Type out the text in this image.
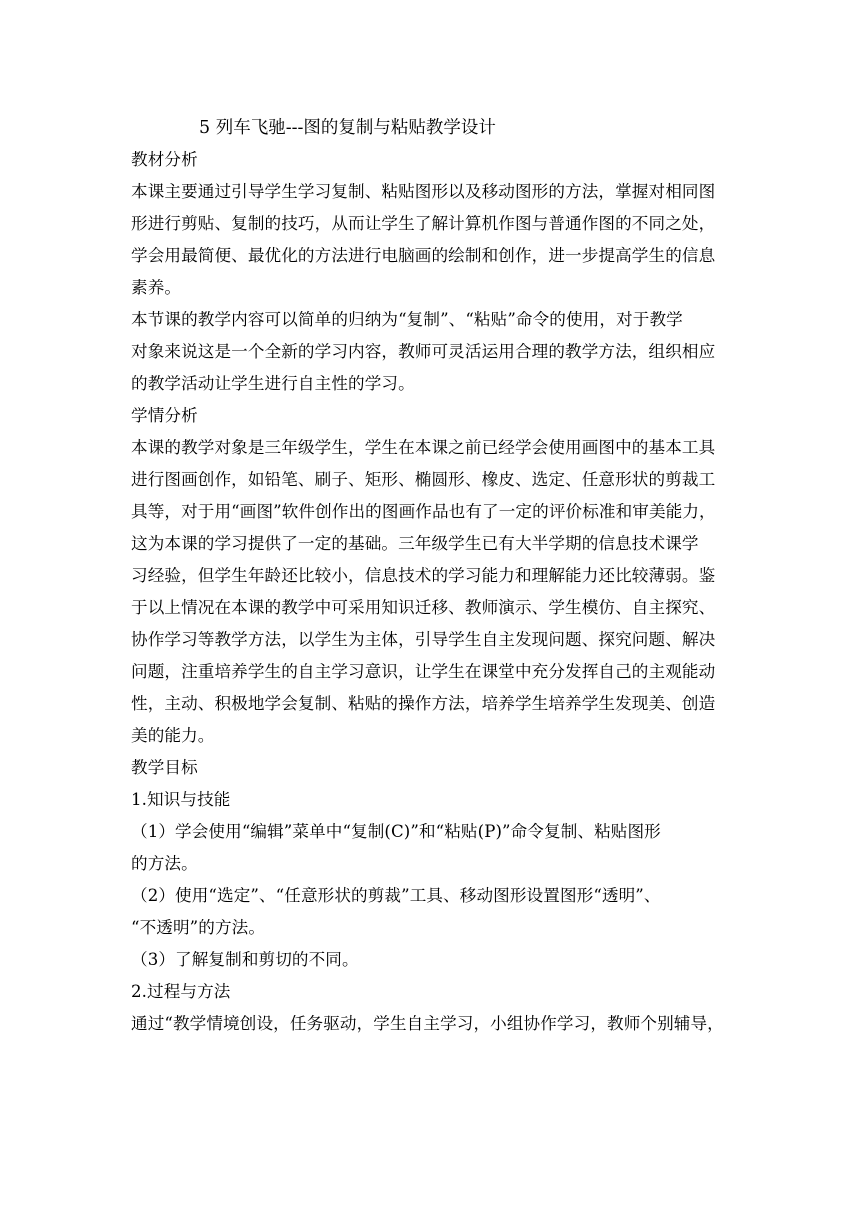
5 列车飞驰---图的复制与粘贴教学设计
教材分析
本课主要通过引导学生学习复制、粘贴图形以及移动图形的方法，掌握对相同图
形进行剪贴、复制的技巧，从而让学生了解计算机作图与普通作图的不同之处，
学会用最简便、最优化的方法进行电脑画的绘制和创作，进一步提高学生的信息
素养。
本节课的教学内容可以简单的归纳为“复制”、“粘贴”命令的使用，对于教学
对象来说这是一个全新的学习内容，教师可灵活运用合理的教学方法，组织相应
的教学活动让学生进行自主性的学习。
学情分析
本课的教学对象是三年级学生，学生在本课之前已经学会使用画图中的基本工具
进行图画创作，如铅笔、刷子、矩形、椭圆形、橡皮、选定、任意形状的剪裁工
具等，对于用“画图”软件创作出的图画作品也有了一定的评价标准和审美能力，
这为本课的学习提供了一定的基础。三年级学生已有大半学期的信息技术课学
习经验，但学生年龄还比较小，信息技术的学习能力和理解能力还比较薄弱。鉴
于以上情况在本课的教学中可采用知识迁移、教师演示、学生模仿、自主探究、
协作学习等教学方法，以学生为主体，引导学生自主发现问题、探究问题、解决
问题，注重培养学生的自主学习意识，让学生在课堂中充分发挥自己的主观能动
性，主动、积极地学会复制、粘贴的操作方法，培养学生培养学生发现美、创造
美的能力。
教学目标
1.知识与技能
（1）学会使用“编辑”菜单中“复制(C)”和“粘贴(P)”命令复制、粘贴图形
的方法。
（2）使用“选定”、“任意形状的剪裁”工具、移动图形设置图形“透明”、
“不透明”的方法。
（3）了解复制和剪切的不同。
2.过程与方法
通过“教学情境创设，任务驱动，学生自主学习，小组协作学习，教师个别辅导，
